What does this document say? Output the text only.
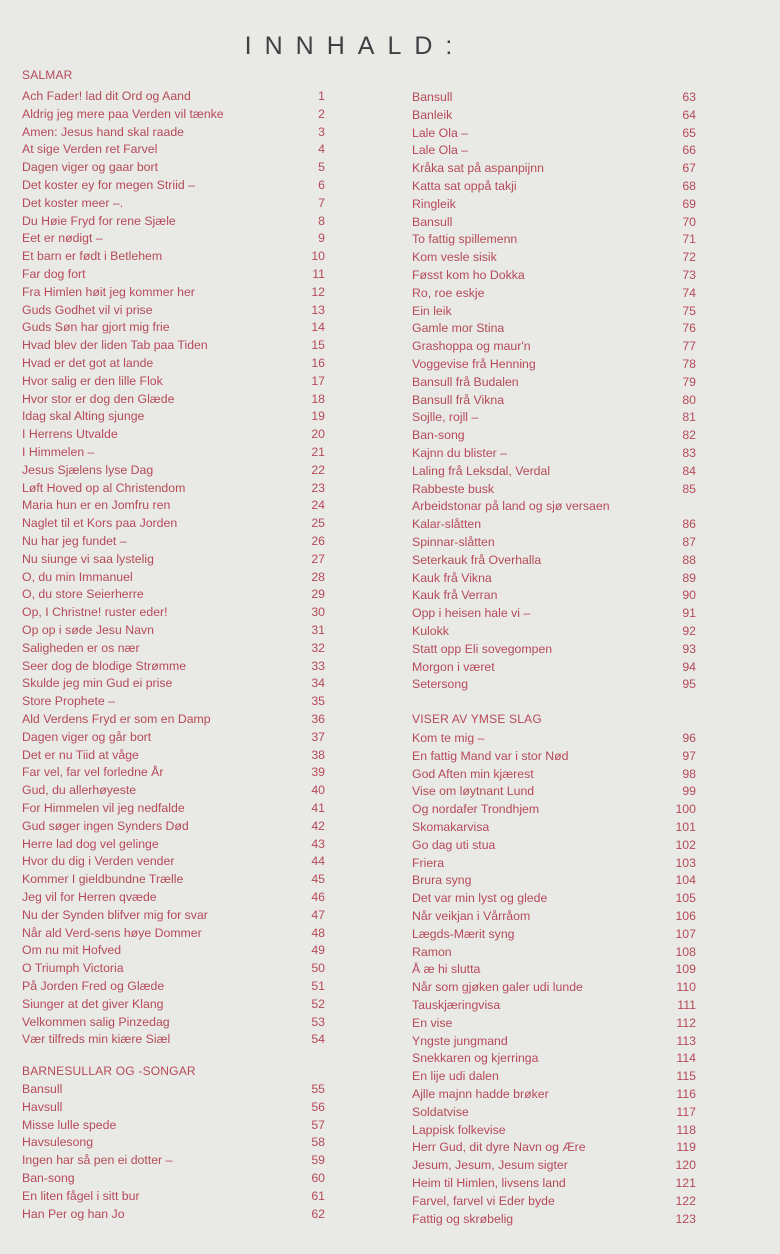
INNHALD:
SALMAR
Ach Fader! lad dit Ord og Aand	1
Aldrig jeg mere paa Verden vil tænke	2
Amen: Jesus hand skal raade	3
At sige Verden ret Farvel	4
Dagen viger og gaar bort	5
Det koster ey for megen Striid –	6
Det koster meer –.	7
Du Høie Fryd for rene Sjæle	8
Eet er nødigt –	9
Et barn er født i Betlehem	10
Far dog fort	11
Fra Himlen høit jeg kommer her	12
Guds Godhet vil vi prise	13
Guds Søn har gjort mig frie	14
Hvad blev der liden Tab paa Tiden	15
Hvad er det got at lande	16
Hvor salig er den lille Flok	17
Hvor stor er dog den Glæde	18
Idag skal Alting sjunge	19
I Herrens Utvalde	20
I Himmelen –	21
Jesus Sjælens lyse Dag	22
Løft Hoved op al Christendom	23
Maria hun er en Jomfru ren	24
Naglet til et Kors paa Jorden	25
Nu har jeg fundet –	26
Nu siunge vi saa lystelig	27
O, du min Immanuel	28
O, du store Seierherre	29
Op, I Christne! ruster eder!	30
Op op i søde Jesu Navn	31
Saligheden er os nær	32
Seer dog de blodige Strømme	33
Skulde jeg min Gud ei prise	34
Store Prophete –	35
Ald Verdens Fryd er som en Damp	36
Dagen viger og går bort	37
Det er nu Tiid at våge	38
Far vel, far vel forledne År	39
Gud, du allerhøyeste	40
For Himmelen vil jeg nedfalde	41
Gud søger ingen Synders Død	42
Herre lad dog vel gelinge	43
Hvor du dig i Verden vender	44
Kommer I gieldbundne Trælle	45
Jeg vil for Herren qvæde	46
Nu der Synden blifver mig for svar	47
Når ald Verd-sens høye Dommer	48
Om nu mit Hofved	49
O Triumph Victoria	50
På Jorden Fred og Glæde	51
Siunger at det giver Klang	52
Velkommen salig Pinzedag	53
Vær tilfreds min kiære Siæl	54
BARNESULLAR OG -SONGAR
Bansull	55
Havsull	56
Misse lulle spede	57
Havsulesong	58
Ingen har så pen ei dotter –	59
Ban-song	60
En liten fågel i sitt bur	61
Han Per og han Jo	62
Bansull	63
Banleik	64
Lale Ola –	65
Lale Ola –	66
Kråka sat på aspanpijnn	67
Katta sat oppå takji	68
Ringleik	69
Bansull	70
To fattig spillemenn	71
Kom vesle sisik	72
Føsst kom ho Dokka	73
Ro, roe eskje	74
Ein leik	75
Gamle mor Stina	76
Grashoppa og maur'n	77
Voggevise frå Henning	78
Bansull frå Budalen	79
Bansull frå Vikna	80
Sojlle, rojll –	81
Ban-song	82
Kajnn du blister –	83
Laling frå Leksdal, Verdal	84
Rabbeste busk	85
Arbeidstonar på land og sjø versaen
Kalar-slåtten	86
Spinnar-slåtten	87
Seterkauk frå Overhalla	88
Kauk frå Vikna	89
Kauk frå Verran	90
Opp i heisen hale vi –	91
Kulokk	92
Statt opp Eli sovegompen	93
Morgon i været	94
Setersong	95
VISER AV YMSE SLAG
Kom te mig –	96
En fattig Mand var i stor Nød	97
God Aften min kjærest	98
Vise om løytnant Lund	99
Og nordafer Trondhjem	100
Skomakarvisa	101
Go dag uti stua	102
Friera	103
Brura syng	104
Det var min lyst og glede	105
Når veikjan i Vårråom	106
Lægds-Mærit syng	107
Ramon	108
Å æ hi slutta	109
Når som gjøken galer udi lunde	110
Tauskjæringvisa	111
En vise	112
Yngste jungmand	113
Snekkaren og kjerringa	114
En lije udi dalen	115
Ajlle majnn hadde brøker	116
Soldatvise	117
Lappisk folkevise	118
Herr Gud, dit dyre Navn og Ære	119
Jesum, Jesum, Jesum sigter	120
Heim til Himlen, livsens land	121
Farvel, farvel vi Eder byde	122
Fattig og skrøbelig	123
